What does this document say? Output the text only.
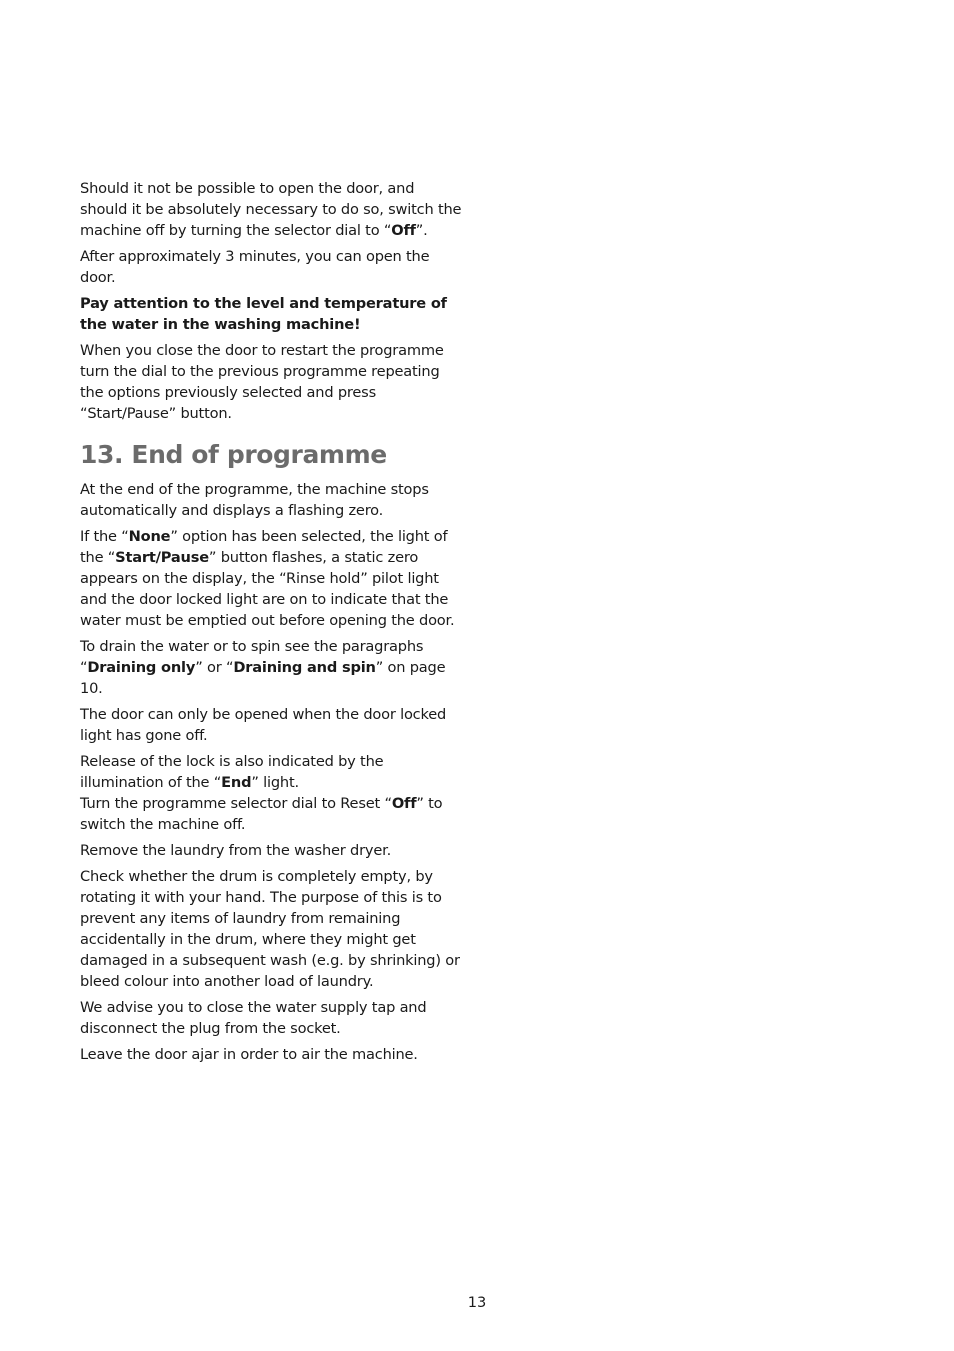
Should it not be possible to open the door, and should it be absolutely necessary to do so, switch the machine off by turning the selector dial to “Off”.

After approximately 3 minutes, you can open the door.

Pay attention to the level and temperature of the water in the washing machine!

When you close the door to restart the programme turn the dial to the previous programme repeating the options previously selected and press “Start/Pause” button.

13. End of programme

At the end of the programme, the machine stops automatically and displays a flashing zero.

If the “None” option has been selected, the light of the “Start/Pause” button flashes, a static zero appears on the display, the “Rinse hold” pilot light and the door locked light are on to indicate that the water must be emptied out before opening the door.

To drain the water or to spin see the paragraphs “Draining only” or “Draining and spin” on page 10.

The door can only be opened when the door locked light has gone off.

Release of the lock is also indicated by the illumination of the “End” light.

Turn the programme selector dial to Reset “Off” to switch the machine off.

Remove the laundry from the washer dryer.

Check whether the drum is completely empty, by rotating it with your hand. The purpose of this is to prevent any items of laundry from remaining accidentally in the drum, where they might get damaged in a subsequent wash (e.g. by shrinking) or bleed colour into another load of laundry.

We advise you to close the water supply tap and disconnect the plug from the socket.

Leave the door ajar in order to air the machine.

13
